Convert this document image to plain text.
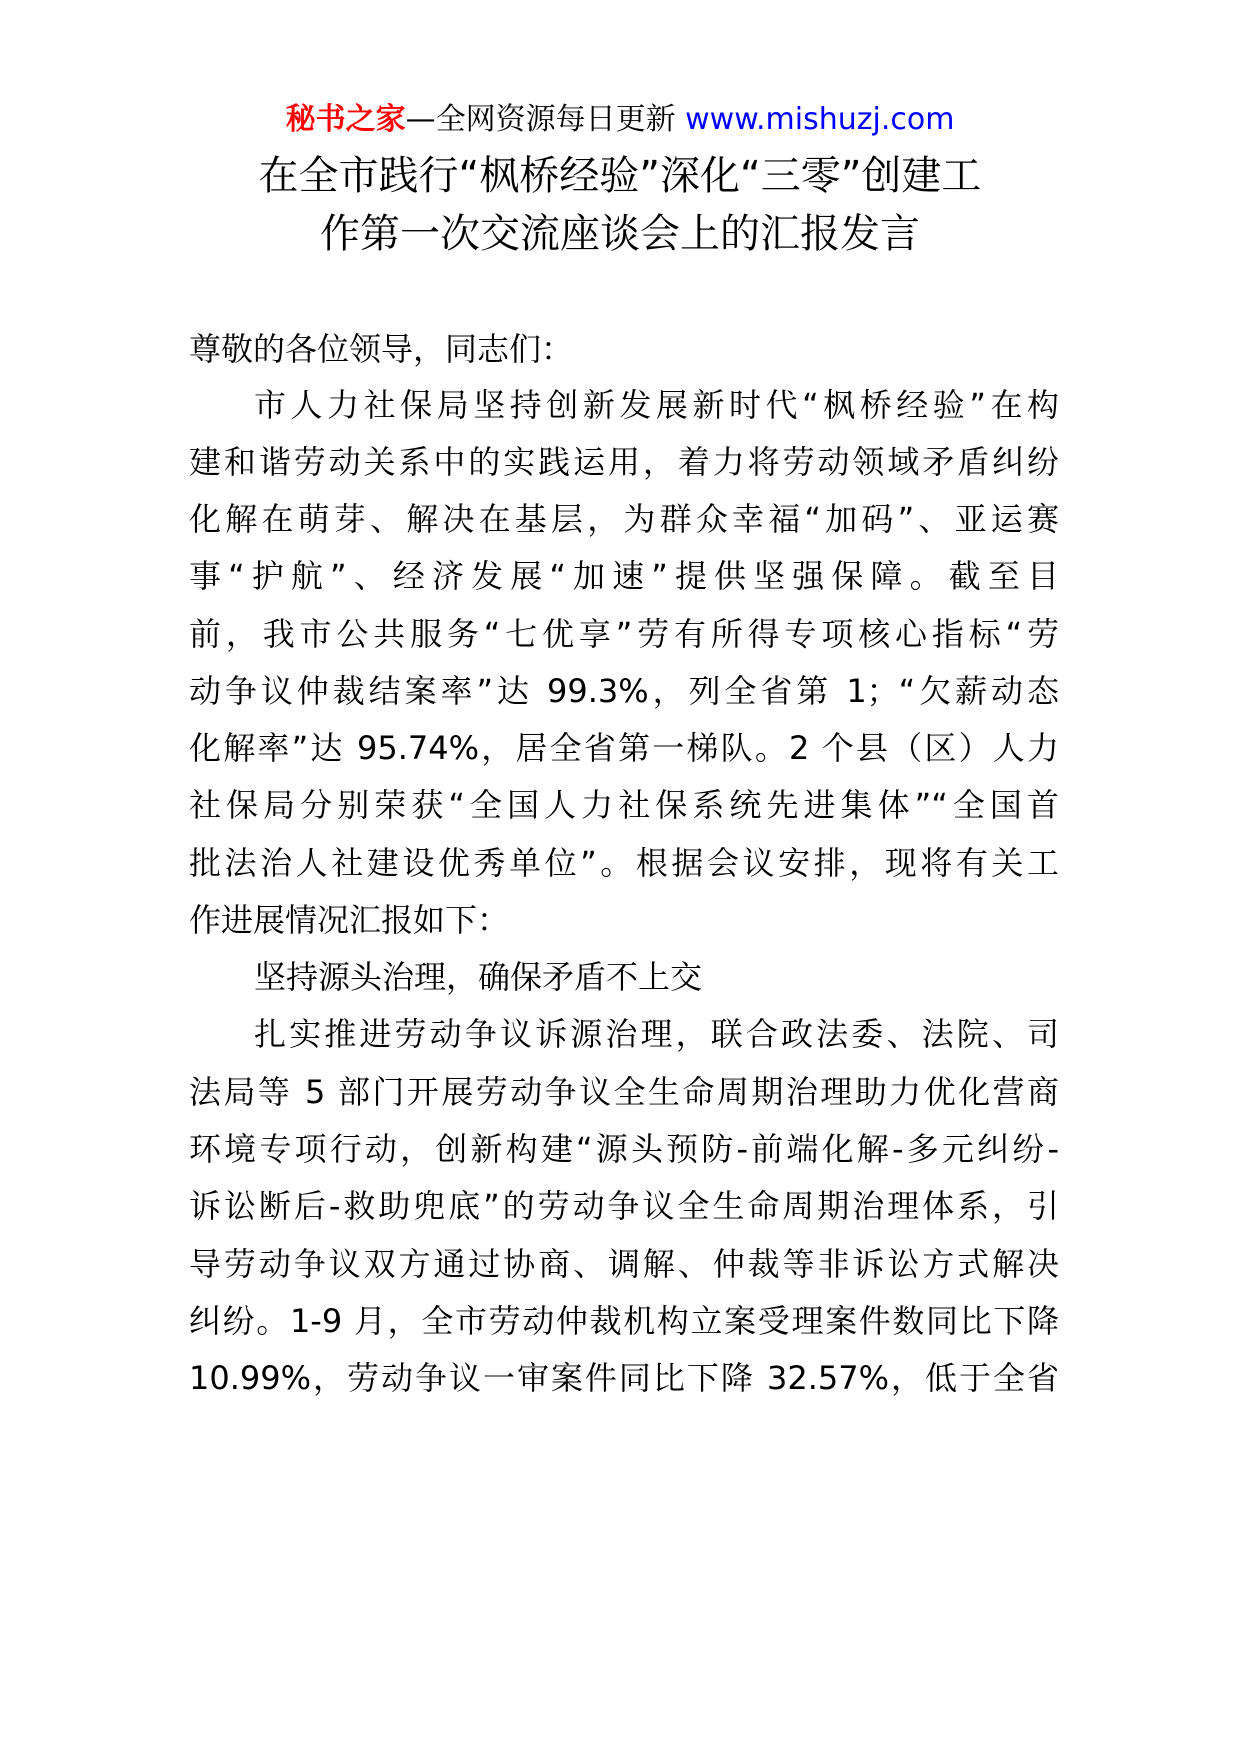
秘书之家—全网资源每日更新 www.mishuzj.com
在全市践行“枫桥经验”深化“三零”创建工
作第一次交流座谈会上的汇报发言
尊敬的各位领导，同志们：
市人力社保局坚持创新发展新时代“枫桥经验”在构
建和谐劳动关系中的实践运用，着力将劳动领域矛盾纠纷
化解在萌芽、解决在基层，为群众幸福“加码”、亚运赛
事“护航”、经济发展“加速”提供坚强保障。截至目
前，我市公共服务“七优享”劳有所得专项核心指标“劳
动争议仲裁结案率”达 99.3%，列全省第 1；“欠薪动态
化解率”达 95.74%，居全省第一梯队。2 个县（区）人力
社保局分别荣获“全国人力社保系统先进集体”“全国首
批法治人社建设优秀单位”。根据会议安排，现将有关工
作进展情况汇报如下：
坚持源头治理，确保矛盾不上交
扎实推进劳动争议诉源治理，联合政法委、法院、司
法局等 5 部门开展劳动争议全生命周期治理助力优化营商
环境专项行动，创新构建“源头预防-前端化解-多元纠纷-
诉讼断后-救助兜底”的劳动争议全生命周期治理体系，引
导劳动争议双方通过协商、调解、仲裁等非诉讼方式解决
纠纷。1-9 月，全市劳动仲裁机构立案受理案件数同比下降
10.99%，劳动争议一审案件同比下降 32.57%，低于全省
